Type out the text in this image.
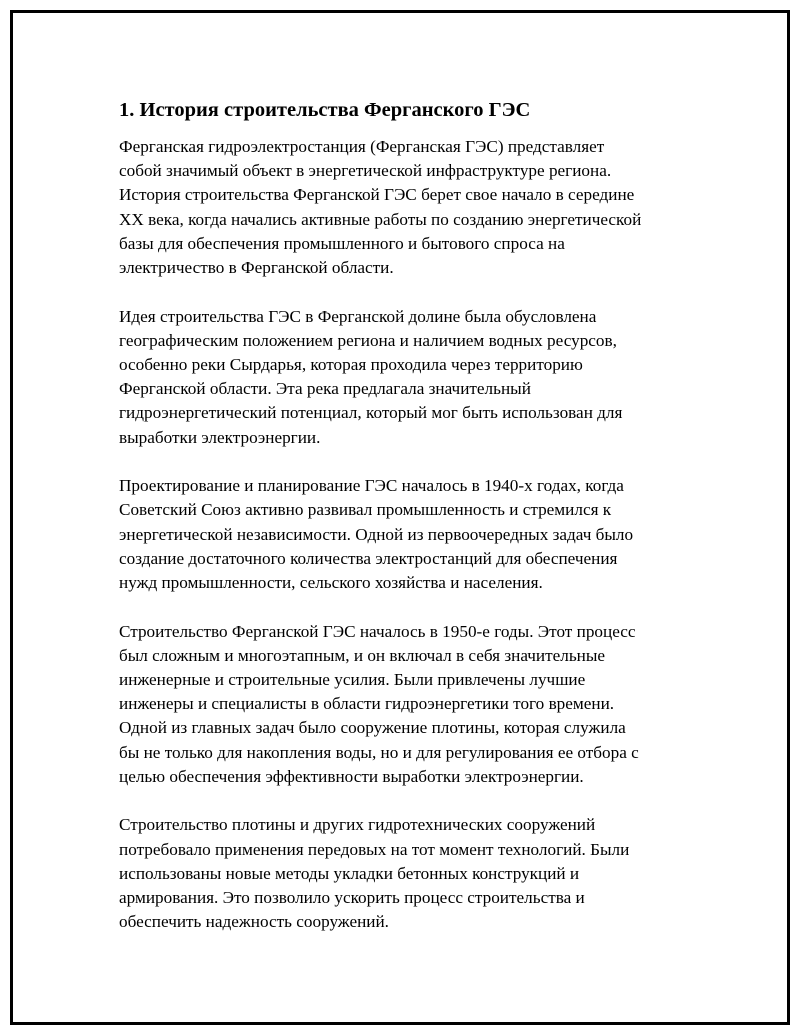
1. История строительства Ферганского ГЭС

Ферганская гидроэлектростанция (Ферганская ГЭС) представляет
собой значимый объект в энергетической инфраструктуре региона.
История строительства Ферганской ГЭС берет свое начало в середине
XX века, когда начались активные работы по созданию энергетической
базы для обеспечения промышленного и бытового спроса на
электричество в Ферганской области.

Идея строительства ГЭС в Ферганской долине была обусловлена
географическим положением региона и наличием водных ресурсов,
особенно реки Сырдарья, которая проходила через территорию
Ферганской области. Эта река предлагала значительный
гидроэнергетический потенциал, который мог быть использован для
выработки электроэнергии.

Проектирование и планирование ГЭС началось в 1940-х годах, когда
Советский Союз активно развивал промышленность и стремился к
энергетической независимости. Одной из первоочередных задач было
создание достаточного количества электростанций для обеспечения
нужд промышленности, сельского хозяйства и населения.

Строительство Ферганской ГЭС началось в 1950-е годы. Этот процесс
был сложным и многоэтапным, и он включал в себя значительные
инженерные и строительные усилия. Были привлечены лучшие
инженеры и специалисты в области гидроэнергетики того времени.
Одной из главных задач было сооружение плотины, которая служила
бы не только для накопления воды, но и для регулирования ее отбора с
целью обеспечения эффективности выработки электроэнергии.

Строительство плотины и других гидротехнических сооружений
потребовало применения передовых на тот момент технологий. Были
использованы новые методы укладки бетонных конструкций и
армирования. Это позволило ускорить процесс строительства и
обеспечить надежность сооружений.
